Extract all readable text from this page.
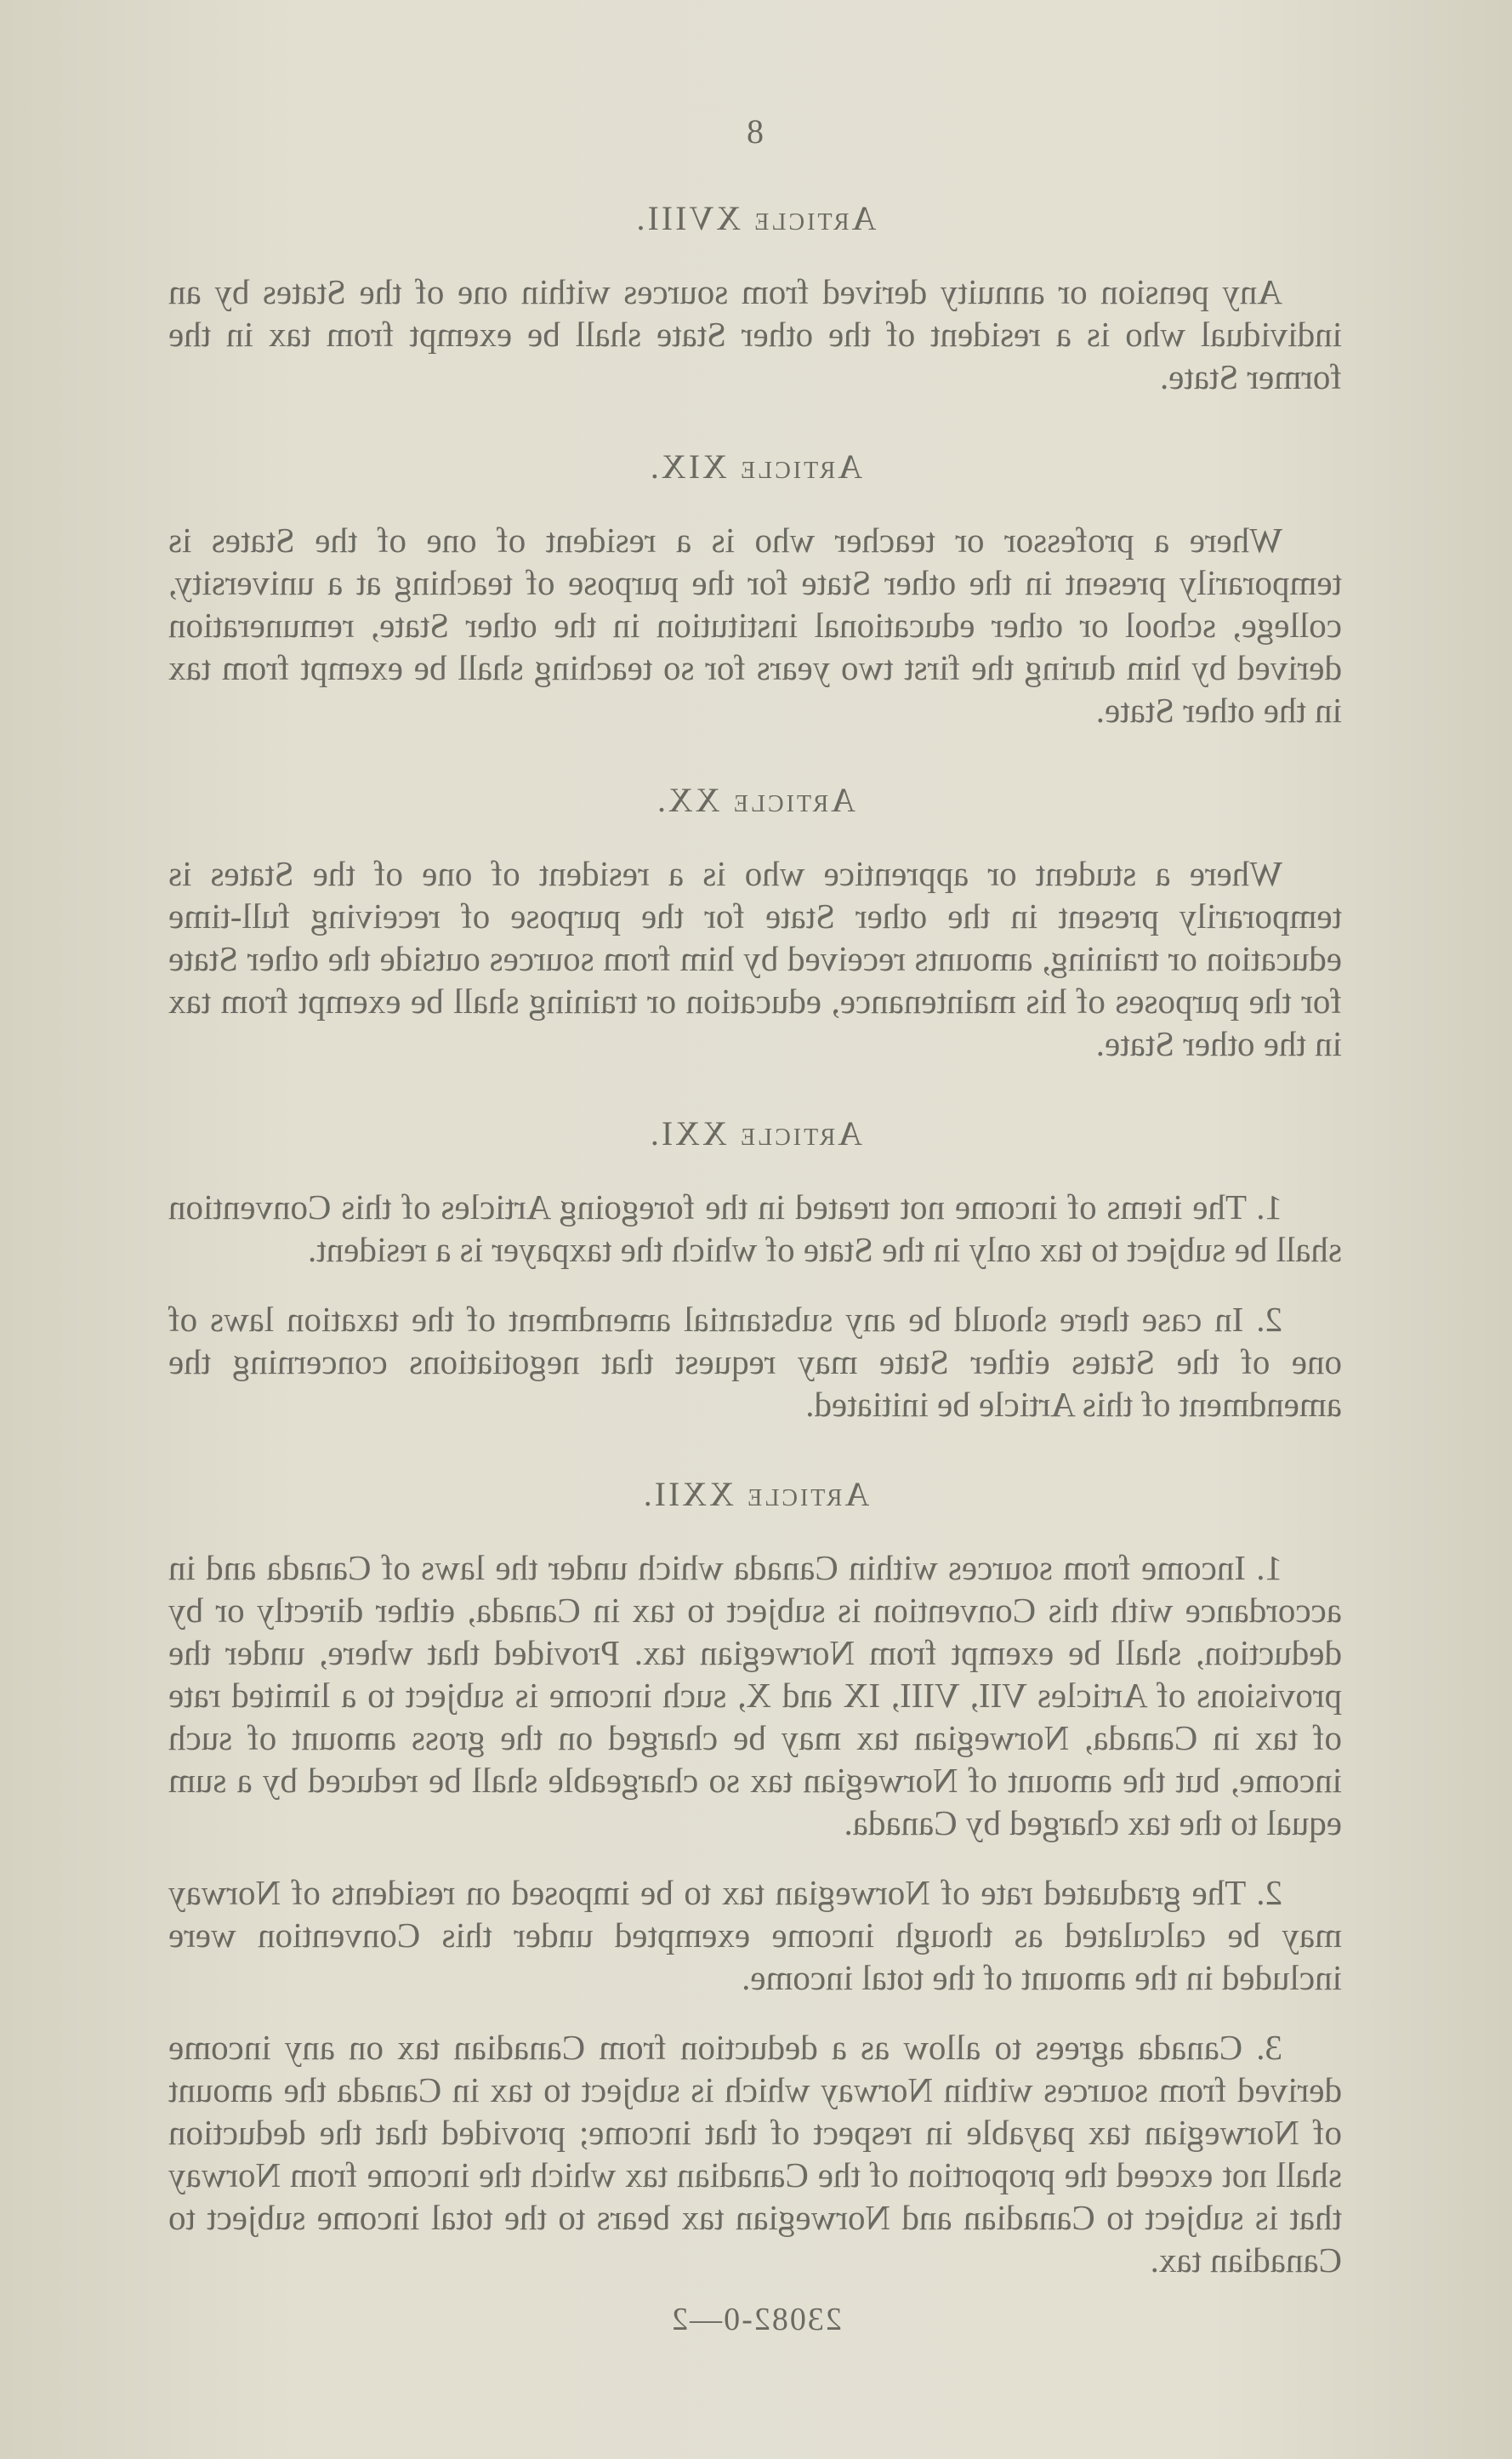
8
Article XVIII.

Any pension or annuity derived from sources within one of the States by an individual who is a resident of the other State shall be exempt from tax in the former State.

Article XIX.

Where a professor or teacher who is a resident of one of the States is temporarily present in the other State for the purpose of teaching at a university, college, school or other educational institution in the other State, remuneration derived by him during the first two years for so teaching shall be exempt from tax in the other State.

Article XX.

Where a student or apprentice who is a resident of one of the States is temporarily present in the other State for the purpose of receiving full-time education or training, amounts received by him from sources outside the other State for the purposes of his maintenance, education or training shall be exempt from tax in the other State.

Article XXI.

1. The items of income not treated in the foregoing Articles of this Convention shall be subject to tax only in the State of which the taxpayer is a resident.

2. In case there should be any substantial amendment of the taxation laws of one of the States either State may request that negotiations concerning the amendment of this Article be initiated.

Article XXII.

1. Income from sources within Canada which under the laws of Canada and in accordance with this Convention is subject to tax in Canada, either directly or by deduction, shall be exempt from Norwegian tax. Provided that where, under the provisions of Articles VII, VIII, IX and X, such income is subject to a limited rate of tax in Canada, Norwegian tax may be charged on the gross amount of such income, but the amount of Norwegian tax so chargeable shall be reduced by a sum equal to the tax charged by Canada.

2. The graduated rate of Norwegian tax to be imposed on residents of Norway may be calculated as though income exempted under this Convention were included in the amount of the total income.

3. Canada agrees to allow as a deduction from Canadian tax on any income derived from sources within Norway which is subject to tax in Canada the amount of Norwegian tax payable in respect of that income; provided that the deduction shall not exceed the proportion of the Canadian tax which the income from Norway that is subject to Canadian and Norwegian tax bears to the total income subject to Canadian tax.

23082-0—2
